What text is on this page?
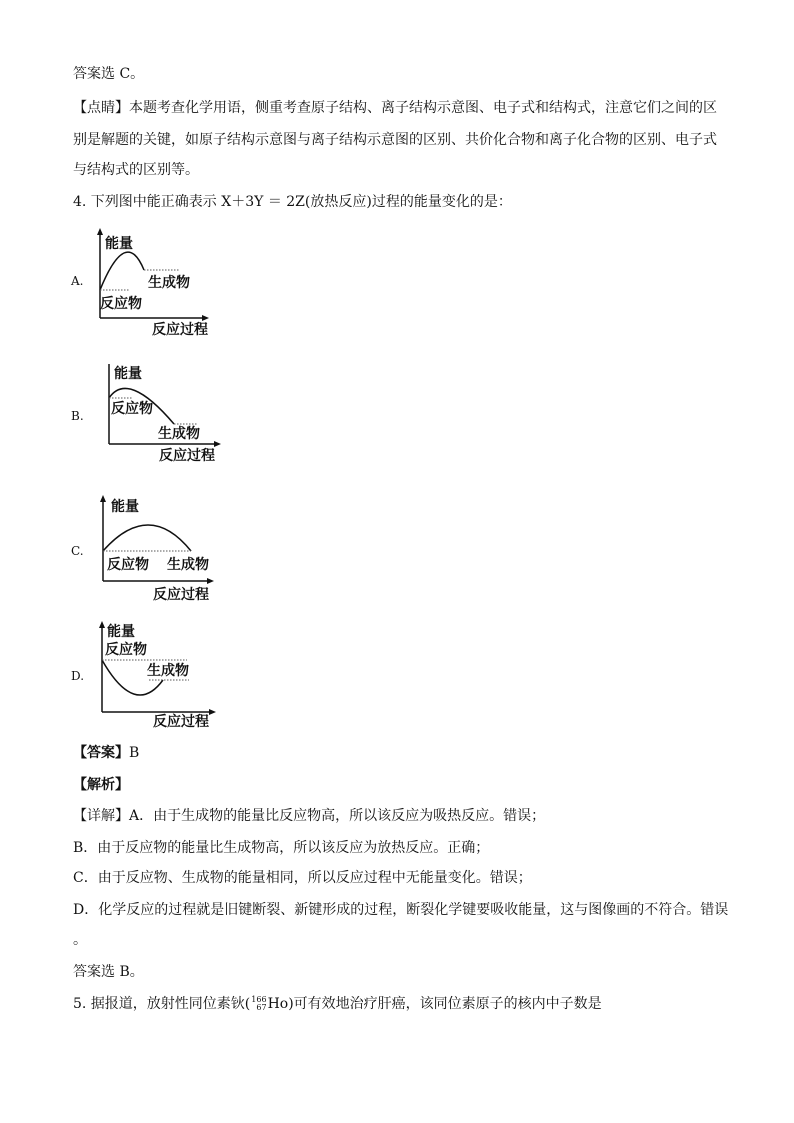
答案选 C。
【点睛】本题考查化学用语，侧重考查原子结构、离子结构示意图、电子式和结构式，注意它们之间的区
别是解题的关键，如原子结构示意图与离子结构示意图的区别、共价化合物和离子化合物的区别、电子式
与结构式的区别等。
4. 下列图中能正确表示 X＋3Y ＝ 2Z(放热反应)过程的能量变化的是：
A.
能量
生成物
反应物
反应过程
B.
能量
反应物
生成物
反应过程
C.
能量
反应物 生成物
反应过程
D.
能量
反应物
生成物
反应过程
【答案】B
【解析】
【详解】A．由于生成物的能量比反应物高，所以该反应为吸热反应。错误；
B．由于反应物的能量比生成物高，所以该反应为放热反应。正确；
C．由于反应物、生成物的能量相同，所以反应过程中无能量变化。错误；
D．化学反应的过程就是旧键断裂、新键形成的过程，断裂化学键要吸收能量，这与图像画的不符合。错误
。
答案选 B。
5. 据报道，放射性同位素钬( 166
67 Ho)可有效地治疗肝癌，该同位素原子的核内中子数是
